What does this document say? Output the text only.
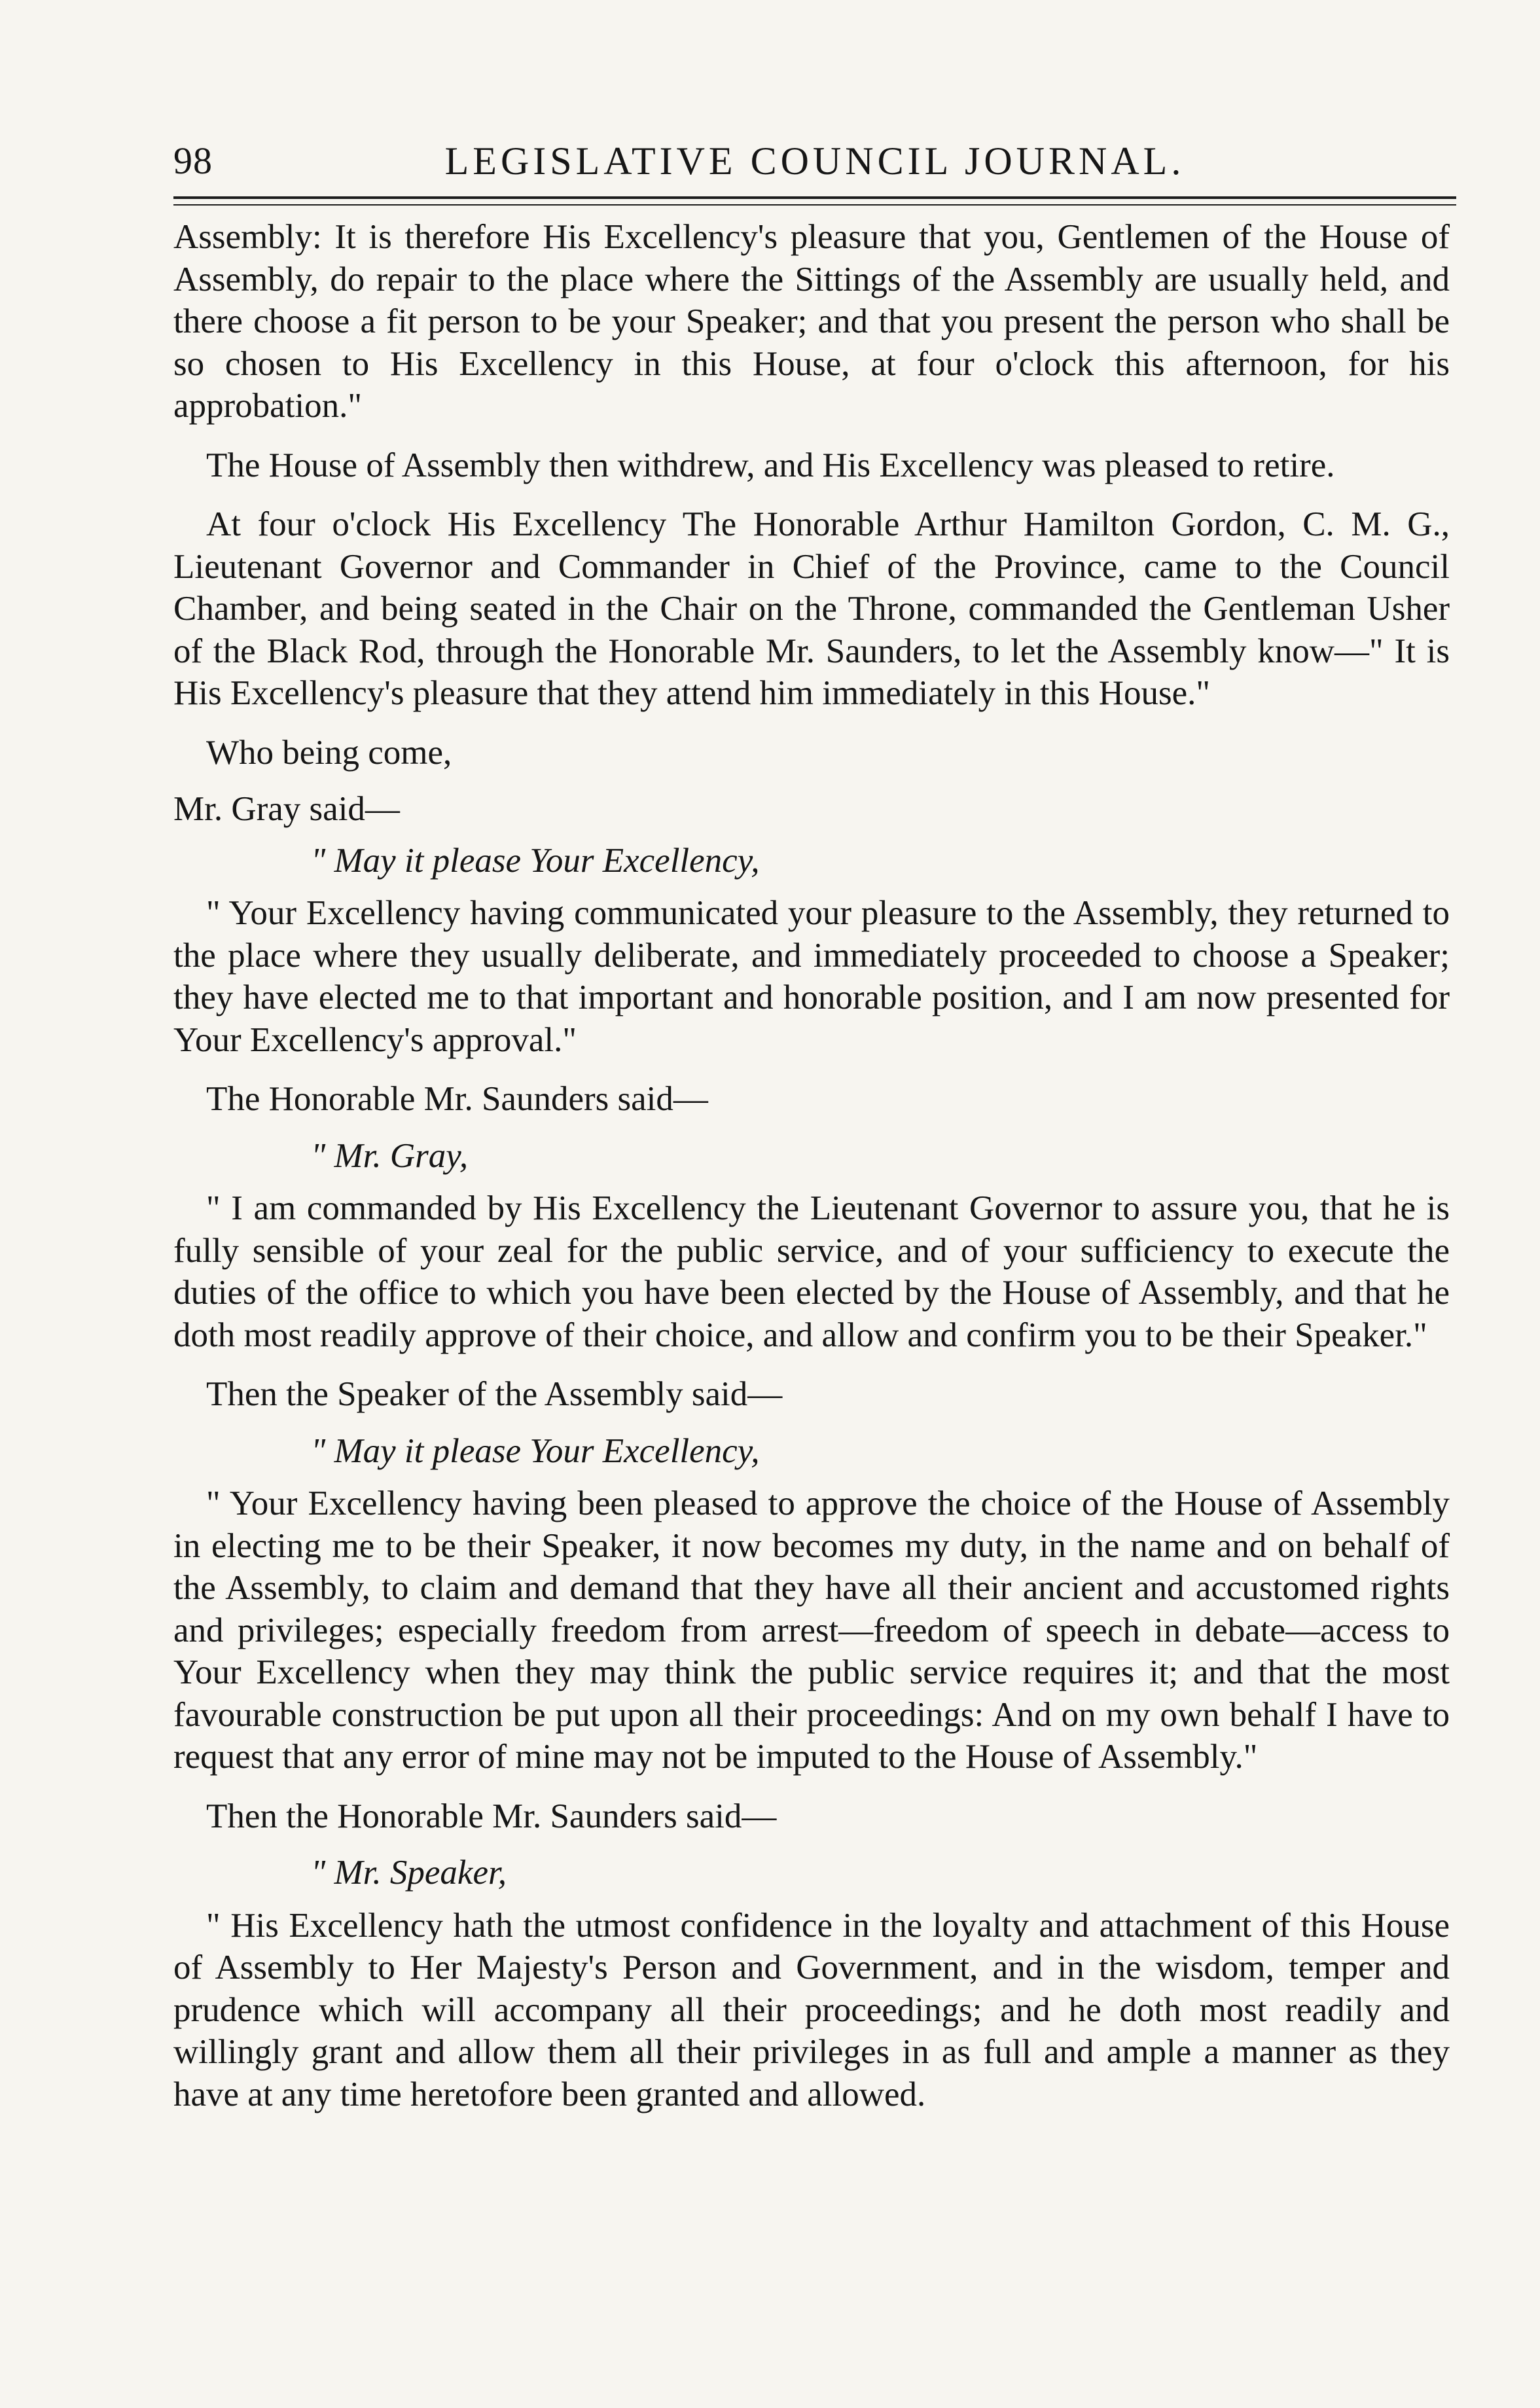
98	LEGISLATIVE COUNCIL JOURNAL.

Assembly: It is therefore His Excellency's pleasure that you, Gentlemen of the House of Assembly, do repair to the place where the Sittings of the Assembly are usually held, and there choose a fit person to be your Speaker; and that you present the person who shall be so chosen to His Excellency in this House, at four o'clock this afternoon, for his approbation."

The House of Assembly then withdrew, and His Excellency was pleased to retire.

At four o'clock His Excellency The Honorable Arthur Hamilton Gordon, C. M. G., Lieutenant Governor and Commander in Chief of the Province, came to the Council Chamber, and being seated in the Chair on the Throne, commanded the Gentleman Usher of the Black Rod, through the Honorable Mr. Saunders, to let the Assembly know—" It is His Excellency's pleasure that they attend him immediately in this House."

Who being come,

Mr. Gray said—

" May it please Your Excellency,

" Your Excellency having communicated your pleasure to the Assembly, they returned to the place where they usually deliberate, and immediately proceeded to choose a Speaker; they have elected me to that important and honorable position, and I am now presented for Your Excellency's approval."

The Honorable Mr. Saunders said—

" Mr. Gray,

" I am commanded by His Excellency the Lieutenant Governor to assure you, that he is fully sensible of your zeal for the public service, and of your sufficiency to execute the duties of the office to which you have been elected by the House of Assembly, and that he doth most readily approve of their choice, and allow and confirm you to be their Speaker."

Then the Speaker of the Assembly said—

" May it please Your Excellency,

" Your Excellency having been pleased to approve the choice of the House of Assembly in electing me to be their Speaker, it now becomes my duty, in the name and on behalf of the Assembly, to claim and demand that they have all their ancient and accustomed rights and privileges; especially freedom from arrest—freedom of speech in debate—access to Your Excellency when they may think the public service requires it; and that the most favourable construction be put upon all their proceedings: And on my own behalf I have to request that any error of mine may not be imputed to the House of Assembly."

Then the Honorable Mr. Saunders said—

" Mr. Speaker,

" His Excellency hath the utmost confidence in the loyalty and attachment of this House of Assembly to Her Majesty's Person and Government, and in the wisdom, temper and prudence which will accompany all their proceedings; and he doth most readily and willingly grant and allow them all their privileges in as full and ample a manner as they have at any time heretofore been granted and allowed.
